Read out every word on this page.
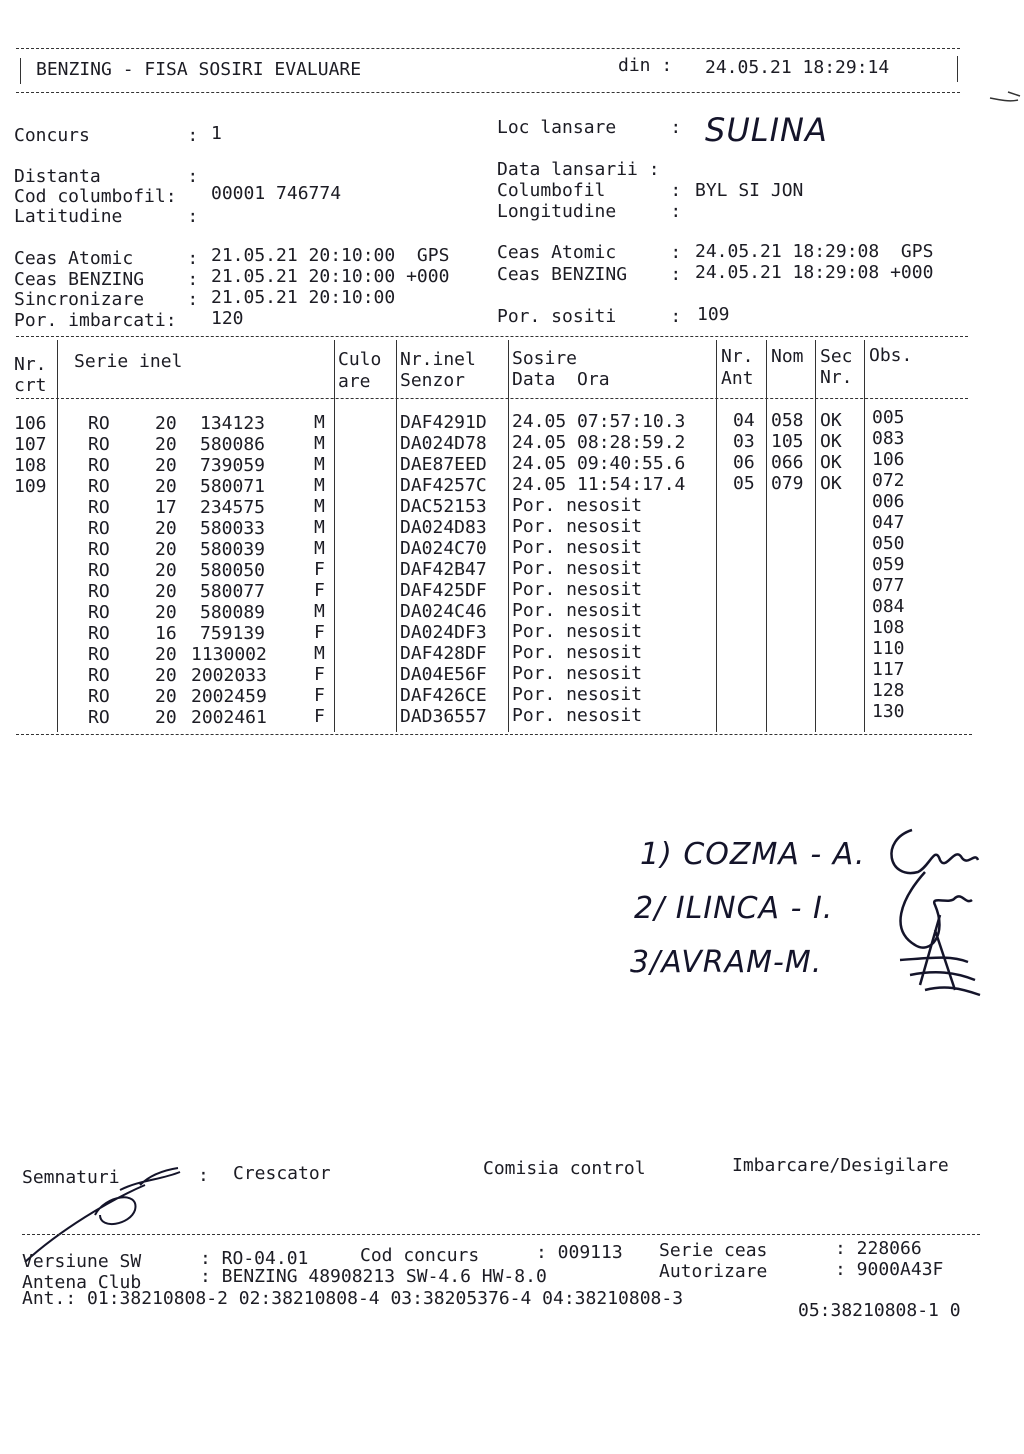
BENZING - FISA SOSIRI EVALUARE	din : 24.05.21 18:29:14
Concurs         : 1
Distanta        :
Cod columbofil: 00001 746774
Latitudine      :
Ceas Atomic     : 21.05.21 20:10:00  GPS
Ceas BENZING    : 21.05.21 20:10:00 +000
Sincronizare    : 21.05.21 20:10:00
Por. imbarcati: 120
Loc lansare     : SULINA
Data lansarii :
Columbofil      : BYL SI JON
Longitudine     :
Ceas Atomic     : 24.05.21 18:29:08  GPS
Ceas BENZING    : 24.05.21 18:29:08 +000
Por. sositi     : 109
Nr.
crt
Serie inel	Culo
are
Nr.inel
Senzor
Sosire
Data  Ora
Nr.
Ant
Nom Sec
Nr.
Obs.
106 RO	20 134123	M	DAF4291D 24.05 07:57:10.3	04 058 OK 005
107 RO	20 580086	M	DA024D78 24.05 08:28:59.2	03 105 OK 083
108 RO	20 739059	M	DAE87EED 24.05 09:40:55.6	06 066 OK 106
109 RO	20 580071	M	DAF4257C 24.05 11:54:17.4	05 079 OK 072
RO	17 234575	M	DAC52153 Por. nesosit	006
RO	20 580033	M	DA024D83 Por. nesosit	047
RO	20 580039	M	DA024C70 Por. nesosit	050
RO	20 580050	F	DAF42B47 Por. nesosit	059
RO	20 580077	F	DAF425DF Por. nesosit	077
RO	20 580089	M	DA024C46 Por. nesosit	084
RO	16 759139	F	DA024DF3 Por. nesosit	108
RO	20 1130002	M	DAF428DF Por. nesosit	110
RO	20 2002033	F	DA04E56F Por. nesosit	117
RO	20 2002459	F	DAF426CE Por. nesosit	128
RO	20 2002461	F	DAD36557 Por. nesosit	130
1) COZMA - A.
2/ ILINCA - I.
3/AVRAM-M.
Semnaturi	: Crescator	Comisia control	Imbarcare/Desigilare
Versiune SW	: RO-04.01	Cod concurs	: 009113 Serie ceas	: 228066
Antena Club	: BENZING 48908213 SW-4.6 HW-8.0	Autorizare	: 9000A43F
Ant.: 01:38210808-2 02:38210808-4 03:38205376-4 04:38210808-3
05:38210808-1 0
